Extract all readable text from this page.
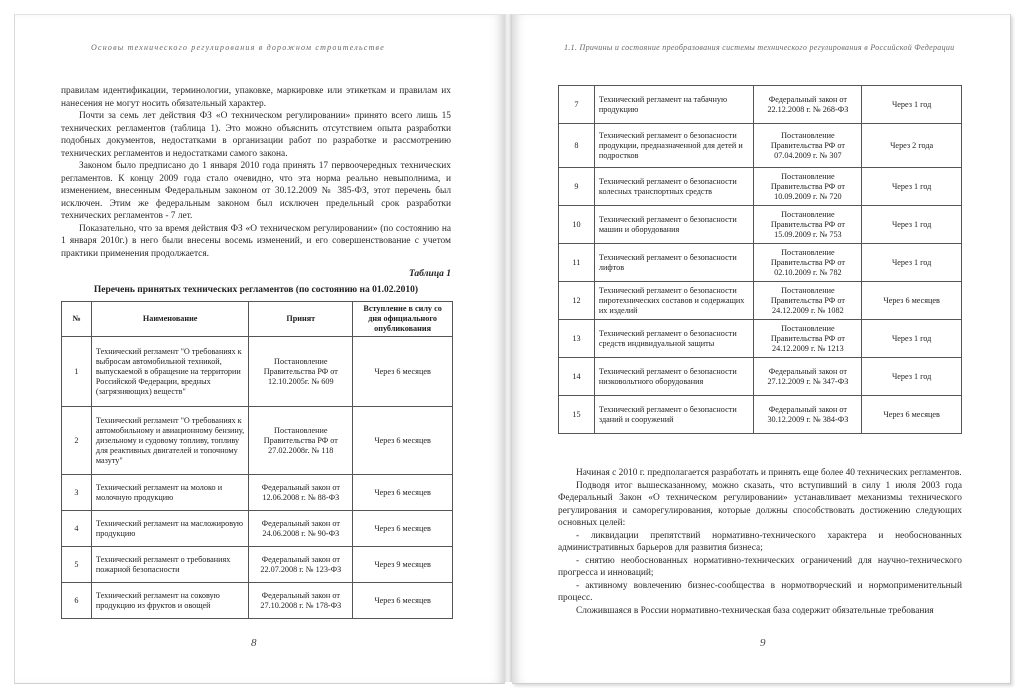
Основы технического регулирования в дорожном строительстве

правилам идентификации, терминологии, упаковке, маркировке или этикеткам и правилам их нанесения не могут носить обязательный характер.

Почти за семь лет действия ФЗ «О техническом регулировании» принято всего лишь 15 технических регламентов (таблица 1). Это можно объяснить отсутствием опыта разработки подобных документов, недостатками в организации работ по разработке и рассмотрению технических регламентов и недостатками самого закона.

Законом было предписано до 1 января 2010 года принять 17 первоочередных технических регламентов. К концу 2009 года стало очевидно, что эта норма реально невыполнима, и изменением, внесенным Федеральным законом от 30.12.2009 № 385-ФЗ, этот перечень был исключен. Этим же федеральным законом был исключен предельный срок разработки технических регламентов - 7 лет.

Показательно, что за время действия ФЗ «О техническом регулировании» (по состоянию на 1 января 2010г.) в него были внесены восемь изменений, и его совершенствование с учетом практики применения продолжается.

Таблица 1
Перечень принятых технических регламентов (по состоянию на 01.02.2010)
№	Наименование	Принят	Вступление в силу со дня официального опубликования
1	Технический регламент "О требованиях к выбросам автомобильной техникой, выпускаемой в обращение на территории Российской Федерации, вредных (загрязняющих) веществ"	Постановление Правительства РФ от 12.10.2005г. № 609	Через 6 месяцев
2	Технический регламент "О требованиях к автомобильному и авиационному бензину, дизельному и судовому топливу, топливу для реактивных двигателей и топочному мазуту"	Постановление Правительства РФ от 27.02.2008г. № 118	Через 6 месяцев
3	Технический регламент на молоко и молочную продукцию	Федеральный закон от 12.06.2008 г. № 88-ФЗ	Через 6 месяцев
4	Технический регламент на масложировую продукцию	Федеральный закон от 24.06.2008 г. № 90-ФЗ	Через 6 месяцев
5	Технический регламент о требованиях пожарной безопасности	Федеральный закон от 22.07.2008 г. № 123-ФЗ	Через 9 месяцев
6	Технический регламент на соковую продукцию из фруктов и овощей	Федеральный закон от 27.10.2008 г. № 178-ФЗ	Через 6 месяцев
8
1.1. Причины и состояние преобразования системы технического регулирования в Российской Федерации
7	Технический регламент на табачную продукцию	Федеральный закон от 22.12.2008 г. № 268-ФЗ	Через 1 год
8	Технический регламент о безопасности продукции, предназначенной для детей и подростков	Постановление Правительства РФ от 07.04.2009 г. № 307	Через 2 года
9	Технический регламент о безопасности колесных транспортных средств	Постановление Правительства РФ от 10.09.2009 г. № 720	Через 1 год
10	Технический регламент о безопасности машин и оборудования	Постановление Правительства РФ от 15.09.2009 г. № 753	Через 1 год
11	Технический регламент о безопасности лифтов	Постановление Правительства РФ от 02.10.2009 г. № 782	Через 1 год
12	Технический регламент о безопасности пиротехнических составов и содержащих их изделий	Постановление Правительства РФ от 24.12.2009 г. № 1082	Через 6 месяцев
13	Технический регламент о безопасности средств индивидуальной защиты	Постановление Правительства РФ от 24.12.2009 г. № 1213	Через 1 год
14	Технический регламент о безопасности низковольтного оборудования	Федеральный закон от 27.12.2009 г. № 347-ФЗ	Через 1 год
15	Технический регламент о безопасности зданий и сооружений	Федеральный закон от 30.12.2009 г. № 384-ФЗ	Через 6 месяцев

Начиная с 2010 г. предполагается разработать и принять еще более 40 технических регламентов.

Подводя итог вышесказанному, можно сказать, что вступивший в силу 1 июля 2003 года Федеральный Закон «О техническом регулировании» устанавливает механизмы технического регулирования и саморегулирования, которые должны способствовать достижению следующих основных целей:

- ликвидации препятствий нормативно-технического характера и необоснованных административных барьеров для развития бизнеса;

- снятию необоснованных нормативно-технических ограничений для научно-технического прогресса и инноваций;

- активному вовлечению бизнес-сообщества в нормотворческий и нормоприменительный процесс.

Сложившаяся в России нормативно-техническая база содержит обязательные требования

9
